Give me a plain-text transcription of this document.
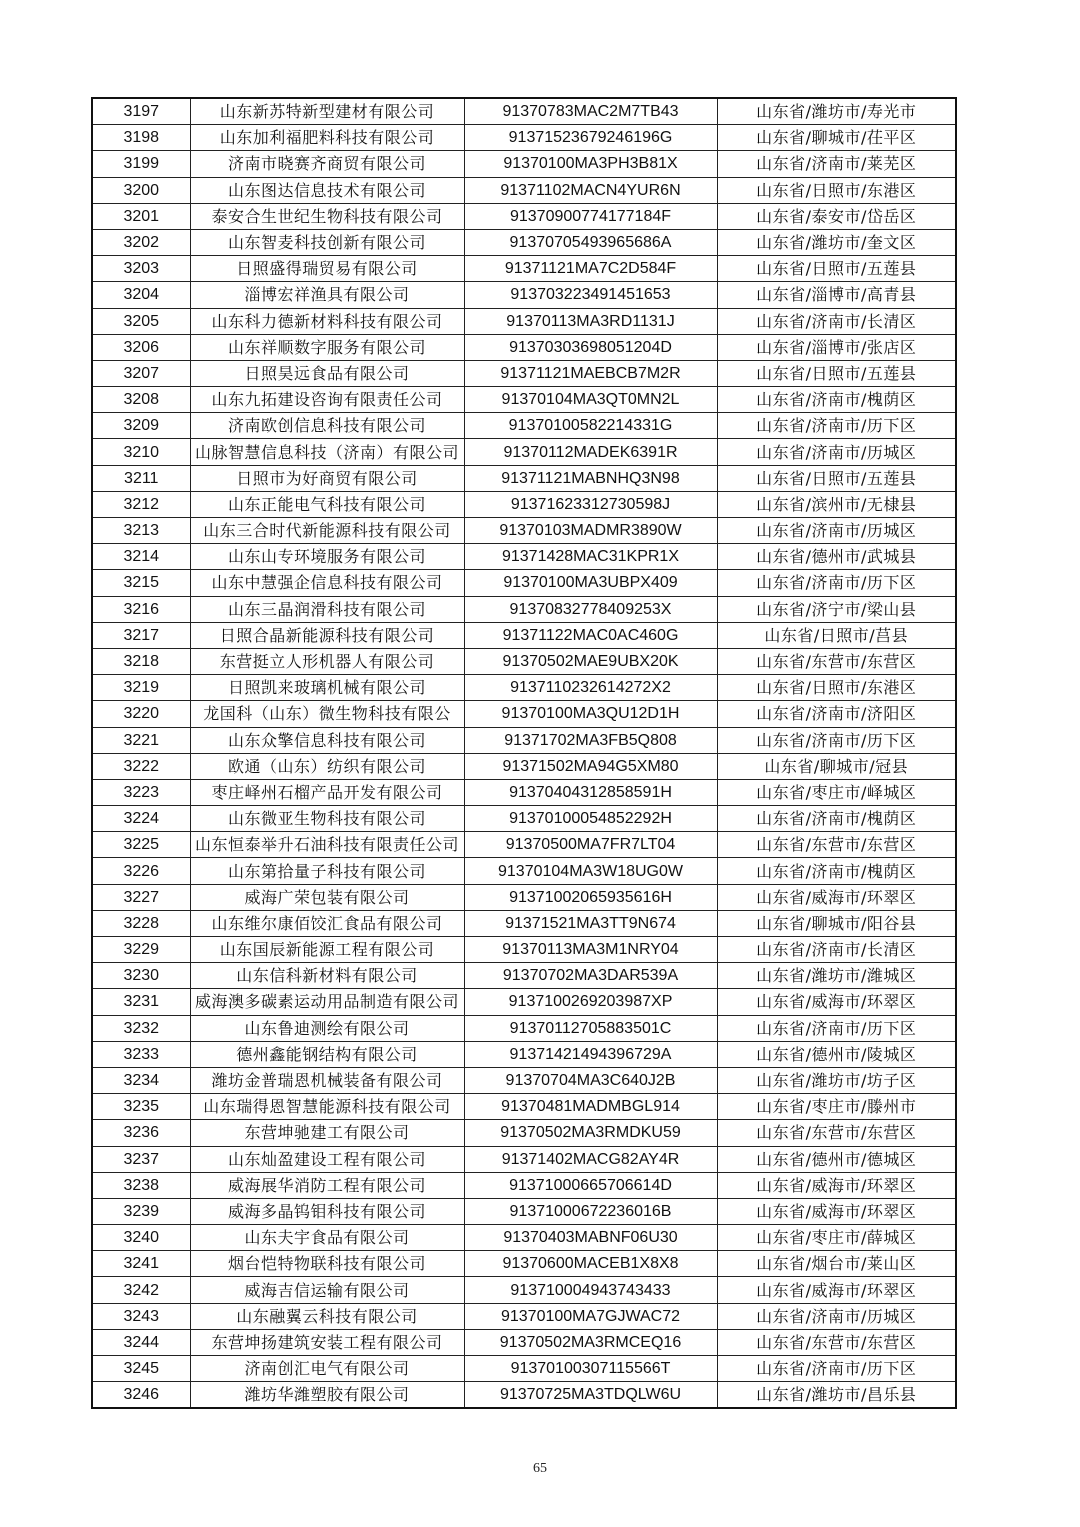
3197	山东新苏特新型建材有限公司	91370783MAC2M7TB43	山东省/潍坊市/寿光市
3198	山东加利福肥料科技有限公司	91371523679246196G	山东省/聊城市/茌平区
3199	济南市晓赛齐商贸有限公司	91370100MA3PH3B81X	山东省/济南市/莱芜区
3200	山东图达信息技术有限公司	91371102MACN4YUR6N	山东省/日照市/东港区
3201	泰安合生世纪生物科技有限公司	91370900774177184F	山东省/泰安市/岱岳区
3202	山东智麦科技创新有限公司	91370705493965686A	山东省/潍坊市/奎文区
3203	日照盛得瑞贸易有限公司	91371121MA7C2D584F	山东省/日照市/五莲县
3204	淄博宏祥渔具有限公司	913703223491451653	山东省/淄博市/高青县
3205	山东科力德新材料科技有限公司	91370113MA3RD1131J	山东省/济南市/长清区
3206	山东祥顺数字服务有限公司	91370303698051204D	山东省/淄博市/张店区
3207	日照昊远食品有限公司	91371121MAEBCB7M2R	山东省/日照市/五莲县
3208	山东九拓建设咨询有限责任公司	91370104MA3QT0MN2L	山东省/济南市/槐荫区
3209	济南欧创信息科技有限公司	91370100582214331G	山东省/济南市/历下区
3210	山脉智慧信息科技（济南）有限公司	91370112MADEK6391R	山东省/济南市/历城区
3211	日照市为好商贸有限公司	91371121MABNHQ3N98	山东省/日照市/五莲县
3212	山东正能电气科技有限公司	91371623312730598J	山东省/滨州市/无棣县
3213	山东三合时代新能源科技有限公司	91370103MADMR3890W	山东省/济南市/历城区
3214	山东山专环境服务有限公司	91371428MAC31KPR1X	山东省/德州市/武城县
3215	山东中慧强企信息科技有限公司	91370100MA3UBPX409	山东省/济南市/历下区
3216	山东三晶润滑科技有限公司	91370832778409253X	山东省/济宁市/梁山县
3217	日照合晶新能源科技有限公司	91371122MAC0AC460G	山东省/日照市/莒县
3218	东营挺立人形机器人有限公司	91370502MAE9UBX20K	山东省/东营市/东营区
3219	日照凯来玻璃机械有限公司	9137110232614272X2	山东省/日照市/东港区
3220	龙国科（山东）微生物科技有限公	91370100MA3QU12D1H	山东省/济南市/济阳区
3221	山东众擎信息科技有限公司	91371702MA3FB5Q808	山东省/济南市/历下区
3222	欧通（山东）纺织有限公司	91371502MA94G5XM80	山东省/聊城市/冠县
3223	枣庄峄州石榴产品开发有限公司	91370404312858591H	山东省/枣庄市/峄城区
3224	山东微亚生物科技有限公司	91370100054852292H	山东省/济南市/槐荫区
3225	山东恒泰举升石油科技有限责任公司	91370500MA7FR7LT04	山东省/东营市/东营区
3226	山东第拾量子科技有限公司	91370104MA3W18UG0W	山东省/济南市/槐荫区
3227	威海广荣包装有限公司	91371002065935616H	山东省/威海市/环翠区
3228	山东维尔康佰饺汇食品有限公司	91371521MA3TT9N674	山东省/聊城市/阳谷县
3229	山东国辰新能源工程有限公司	91370113MA3M1NRY04	山东省/济南市/长清区
3230	山东信科新材料有限公司	91370702MA3DAR539A	山东省/潍坊市/潍城区
3231	威海澳多碳素运动用品制造有限公司	9137100269203987XP	山东省/威海市/环翠区
3232	山东鲁迪测绘有限公司	91370112705883501C	山东省/济南市/历下区
3233	德州鑫能钢结构有限公司	91371421494396729A	山东省/德州市/陵城区
3234	潍坊金普瑞恩机械装备有限公司	91370704MA3C640J2B	山东省/潍坊市/坊子区
3235	山东瑞得恩智慧能源科技有限公司	91370481MADMBGL914	山东省/枣庄市/滕州市
3236	东营坤驰建工有限公司	91370502MA3RMDKU59	山东省/东营市/东营区
3237	山东灿盈建设工程有限公司	91371402MACG82AY4R	山东省/德州市/德城区
3238	威海展华消防工程有限公司	91371000665706614D	山东省/威海市/环翠区
3239	威海多晶钨钼科技有限公司	91371000672236016B	山东省/威海市/环翠区
3240	山东夫宇食品有限公司	91370403MABNF06U30	山东省/枣庄市/薛城区
3241	烟台恺特物联科技有限公司	91370600MACEB1X8X8	山东省/烟台市/莱山区
3242	威海吉信运输有限公司	913710004943743433	山东省/威海市/环翠区
3243	山东融翼云科技有限公司	91370100MA7GJWAC72	山东省/济南市/历城区
3244	东营坤扬建筑安装工程有限公司	91370502MA3RMCEQ16	山东省/东营市/东营区
3245	济南创汇电气有限公司	91370100307115566T	山东省/济南市/历下区
3246	潍坊华潍塑胶有限公司	91370725MA3TDQLW6U	山东省/潍坊市/昌乐县
65
